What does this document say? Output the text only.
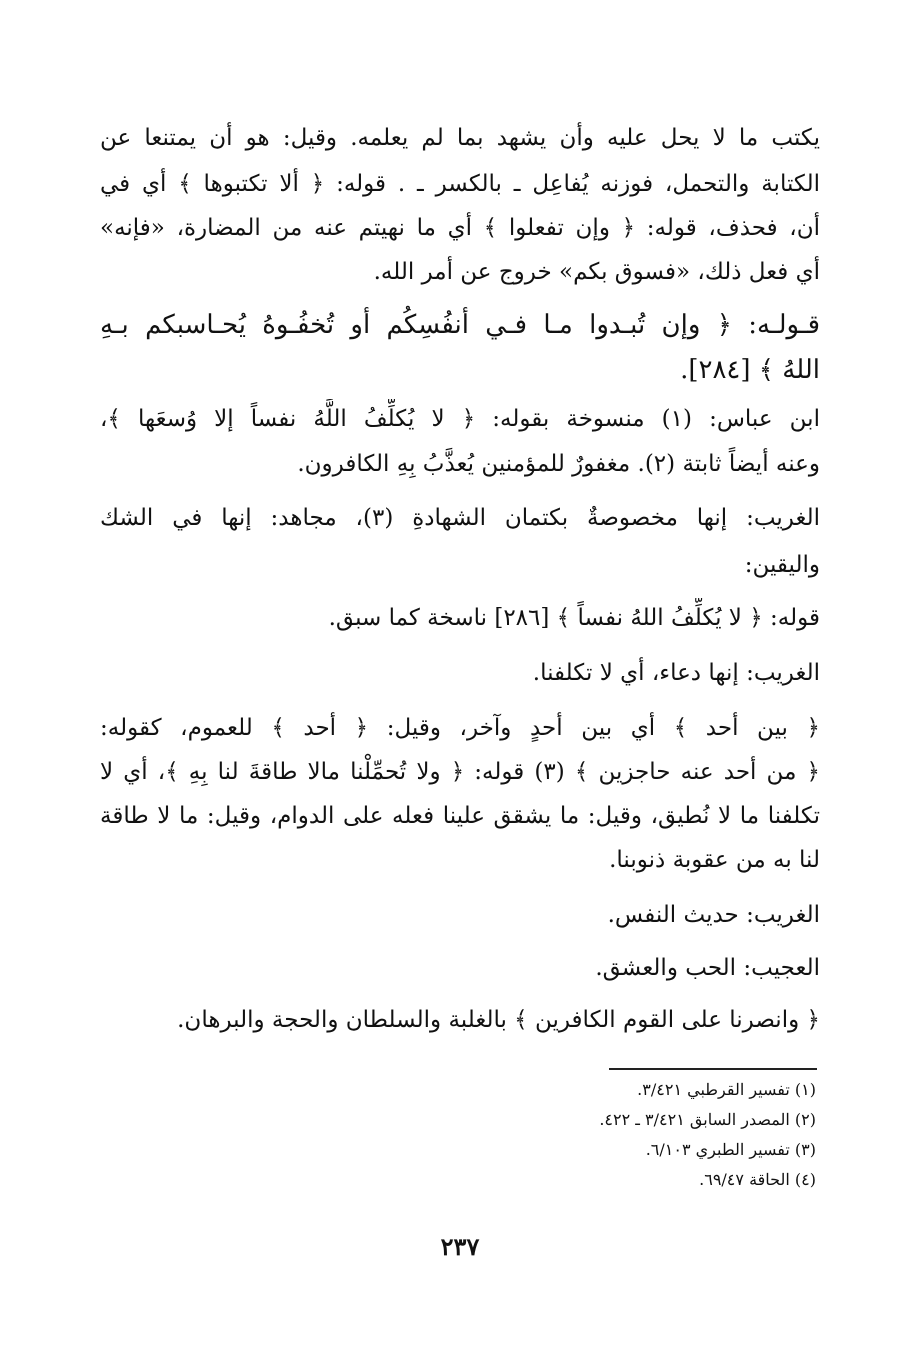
يكتب ما لا يحل عليه وأن يشهد بما لم يعلمه. وقيل: هو أن يمتنعا عن
الكتابة والتحمل، فوزنه يُفاعِل ـ بالكسر ـ . قوله: ﴿ ألا تكتبوها ﴾ أي في
أن، فحذف، قوله: ﴿ وإن تفعلوا ﴾ أي ما نهيتم عنه من المضارة، «فإنه»
أي فعل ذلك، «فسوق بكم» خروج عن أمر الله.
قـولـه: ﴿ وإن تُبـدوا مـا فـي أنفُسِكُم أو تُخفُـوهُ يُحـاسبكم بـهِ
اللهُ ﴾ [٢٨٤].
ابن عباس: (١) منسوخة بقوله: ﴿ لا يُكلِّفُ اللَّهُ نفساً إلا وُسعَها ﴾،
وعنه أيضاً ثابتة (٢). مغفورٌ للمؤمنين يُعذَّبُ بِهِ الكافرون.
الغريب: إنها مخصوصةٌ بكتمان الشهادةِ (٣)، مجاهد: إنها في الشك
واليقين:
قوله: ﴿ لا يُكلِّفُ اللهُ نفساً ﴾ [٢٨٦] ناسخة كما سبق.
الغريب: إنها دعاء، أي لا تكلفنا.
﴿ بين أحد ﴾ أي بين أحدٍ وآخر، وقيل: ﴿ أحد ﴾ للعموم، كقوله:
﴿ من أحد عنه حاجزين ﴾ (٣) قوله: ﴿ ولا تُحمِّلْنا مالا طاقةَ لنا بِهِ ﴾، أي لا
تكلفنا ما لا نُطيق، وقيل: ما يشقق علينا فعله على الدوام، وقيل: ما لا طاقة
لنا به من عقوبة ذنوبنا.
الغريب: حديث النفس.
العجيب: الحب والعشق.
﴿ وانصرنا على القوم الكافرين ﴾ بالغلبة والسلطان والحجة والبرهان.
(١) تفسير القرطبي ٣/٤٢١.
(٢) المصدر السابق ٣/٤٢١ ـ ٤٢٢.
(٣) تفسير الطبري ٦/١٠٣.
(٤) الحاقة ٦٩/٤٧.
٢٣٧
